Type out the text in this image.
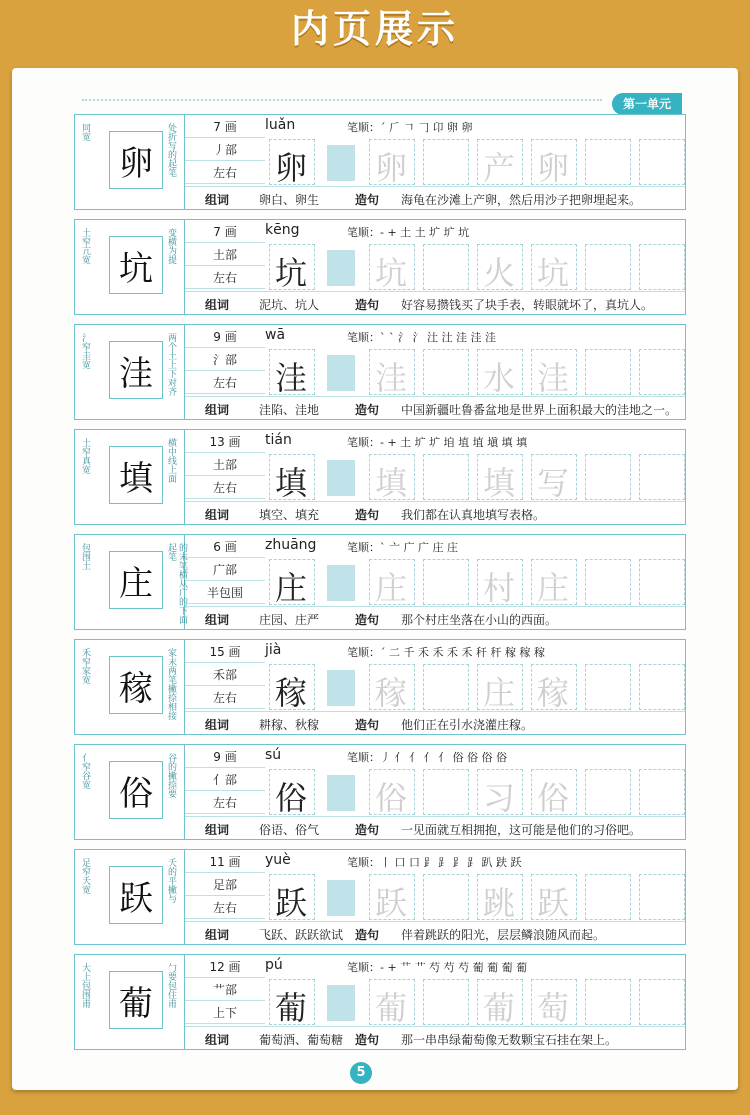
内页展示
第一单元
同宽
卵	处折写的起笔	7 画
丿部
左右
luǎn	笔顺：´ 𠂆 𠃍 𠃌 卬 卵 卵
卵 卵 产 卵
组词 卵白、卵生	造句 海龟在沙滩上产卵，然后用沙子把卵埋起来。
土窄亢宽
坑
变横为提	7 画
土部
左右
kēng	笔顺：- + 土 土 圹 圹 坑
坑 坑 火 坑
组词 泥坑、坑人	造句 好容易攒钱买了块手表，转眼就坏了，真坑人。
氵窄圭宽
洼	两个土上下对齐	9 画
氵部
左右
wā	笔顺：` ` 氵 氵 汢 汢 洼 洼 洼
洼 洼 水 洼
组词 洼陷、洼地	造句 中国新疆吐鲁番盆地是世界上面积最大的洼地之一。
土窄真宽
填	横中线上面	13 画
土部
左右
tián	笔顺：- + 土 圹 圹 垍 埴 埴 塡 填 填
填 填 填 写
组词 填空、填充	造句 我们都在认真地填写表格。
包围土
庄	的末笔横从广的下面起笔	6 画
广部
半包围
zhuāng	笔顺：` 亠 广 广 庄 庄
庄 庄 村 庄
组词 庄园、庄严	造句 那个村庄坐落在小山的西面。
禾窄家宽
稼	家末两笔撇捺相接	15 画
禾部
左右
jià	笔顺：´ 二 千 禾 禾 禾 禾 秆 秆 稼 稼 稼
稼 稼 庄 稼
组词 耕稼、秋稼	造句 他们正在引水浇灌庄稼。
亻窄谷宽
俗	谷的撇捺要	9 画
亻部
左右
sú	笔顺：丿 亻 亻 亻 亻 俗 俗 俗 俗
俗 俗 习 俗
组词 俗语、俗气	造句 一见面就互相拥抱，这可能是他们的习俗吧。
足窄夭宽
跃	夭的平撇与	11 画
足部
左右
yuè	笔顺：丨 口 口 ⻊ ⻊ ⻊ ⻊ 趴 趺 跃
跃 跃 跳 跃
组词 飞跃、跃跃欲试 造句 伴着跳跃的阳光，层层鳞浪随风而起。
大上包围甫 葡	勹要包住甫	12 画
艹部
上下
pú	笔顺：- + 艹 艹 芍 芍 芍 葡 葡 葡 葡
葡 葡 葡 萄
组词 葡萄酒、葡萄糖 造句 那一串串绿葡萄像无数颗宝石挂在架上。
5
